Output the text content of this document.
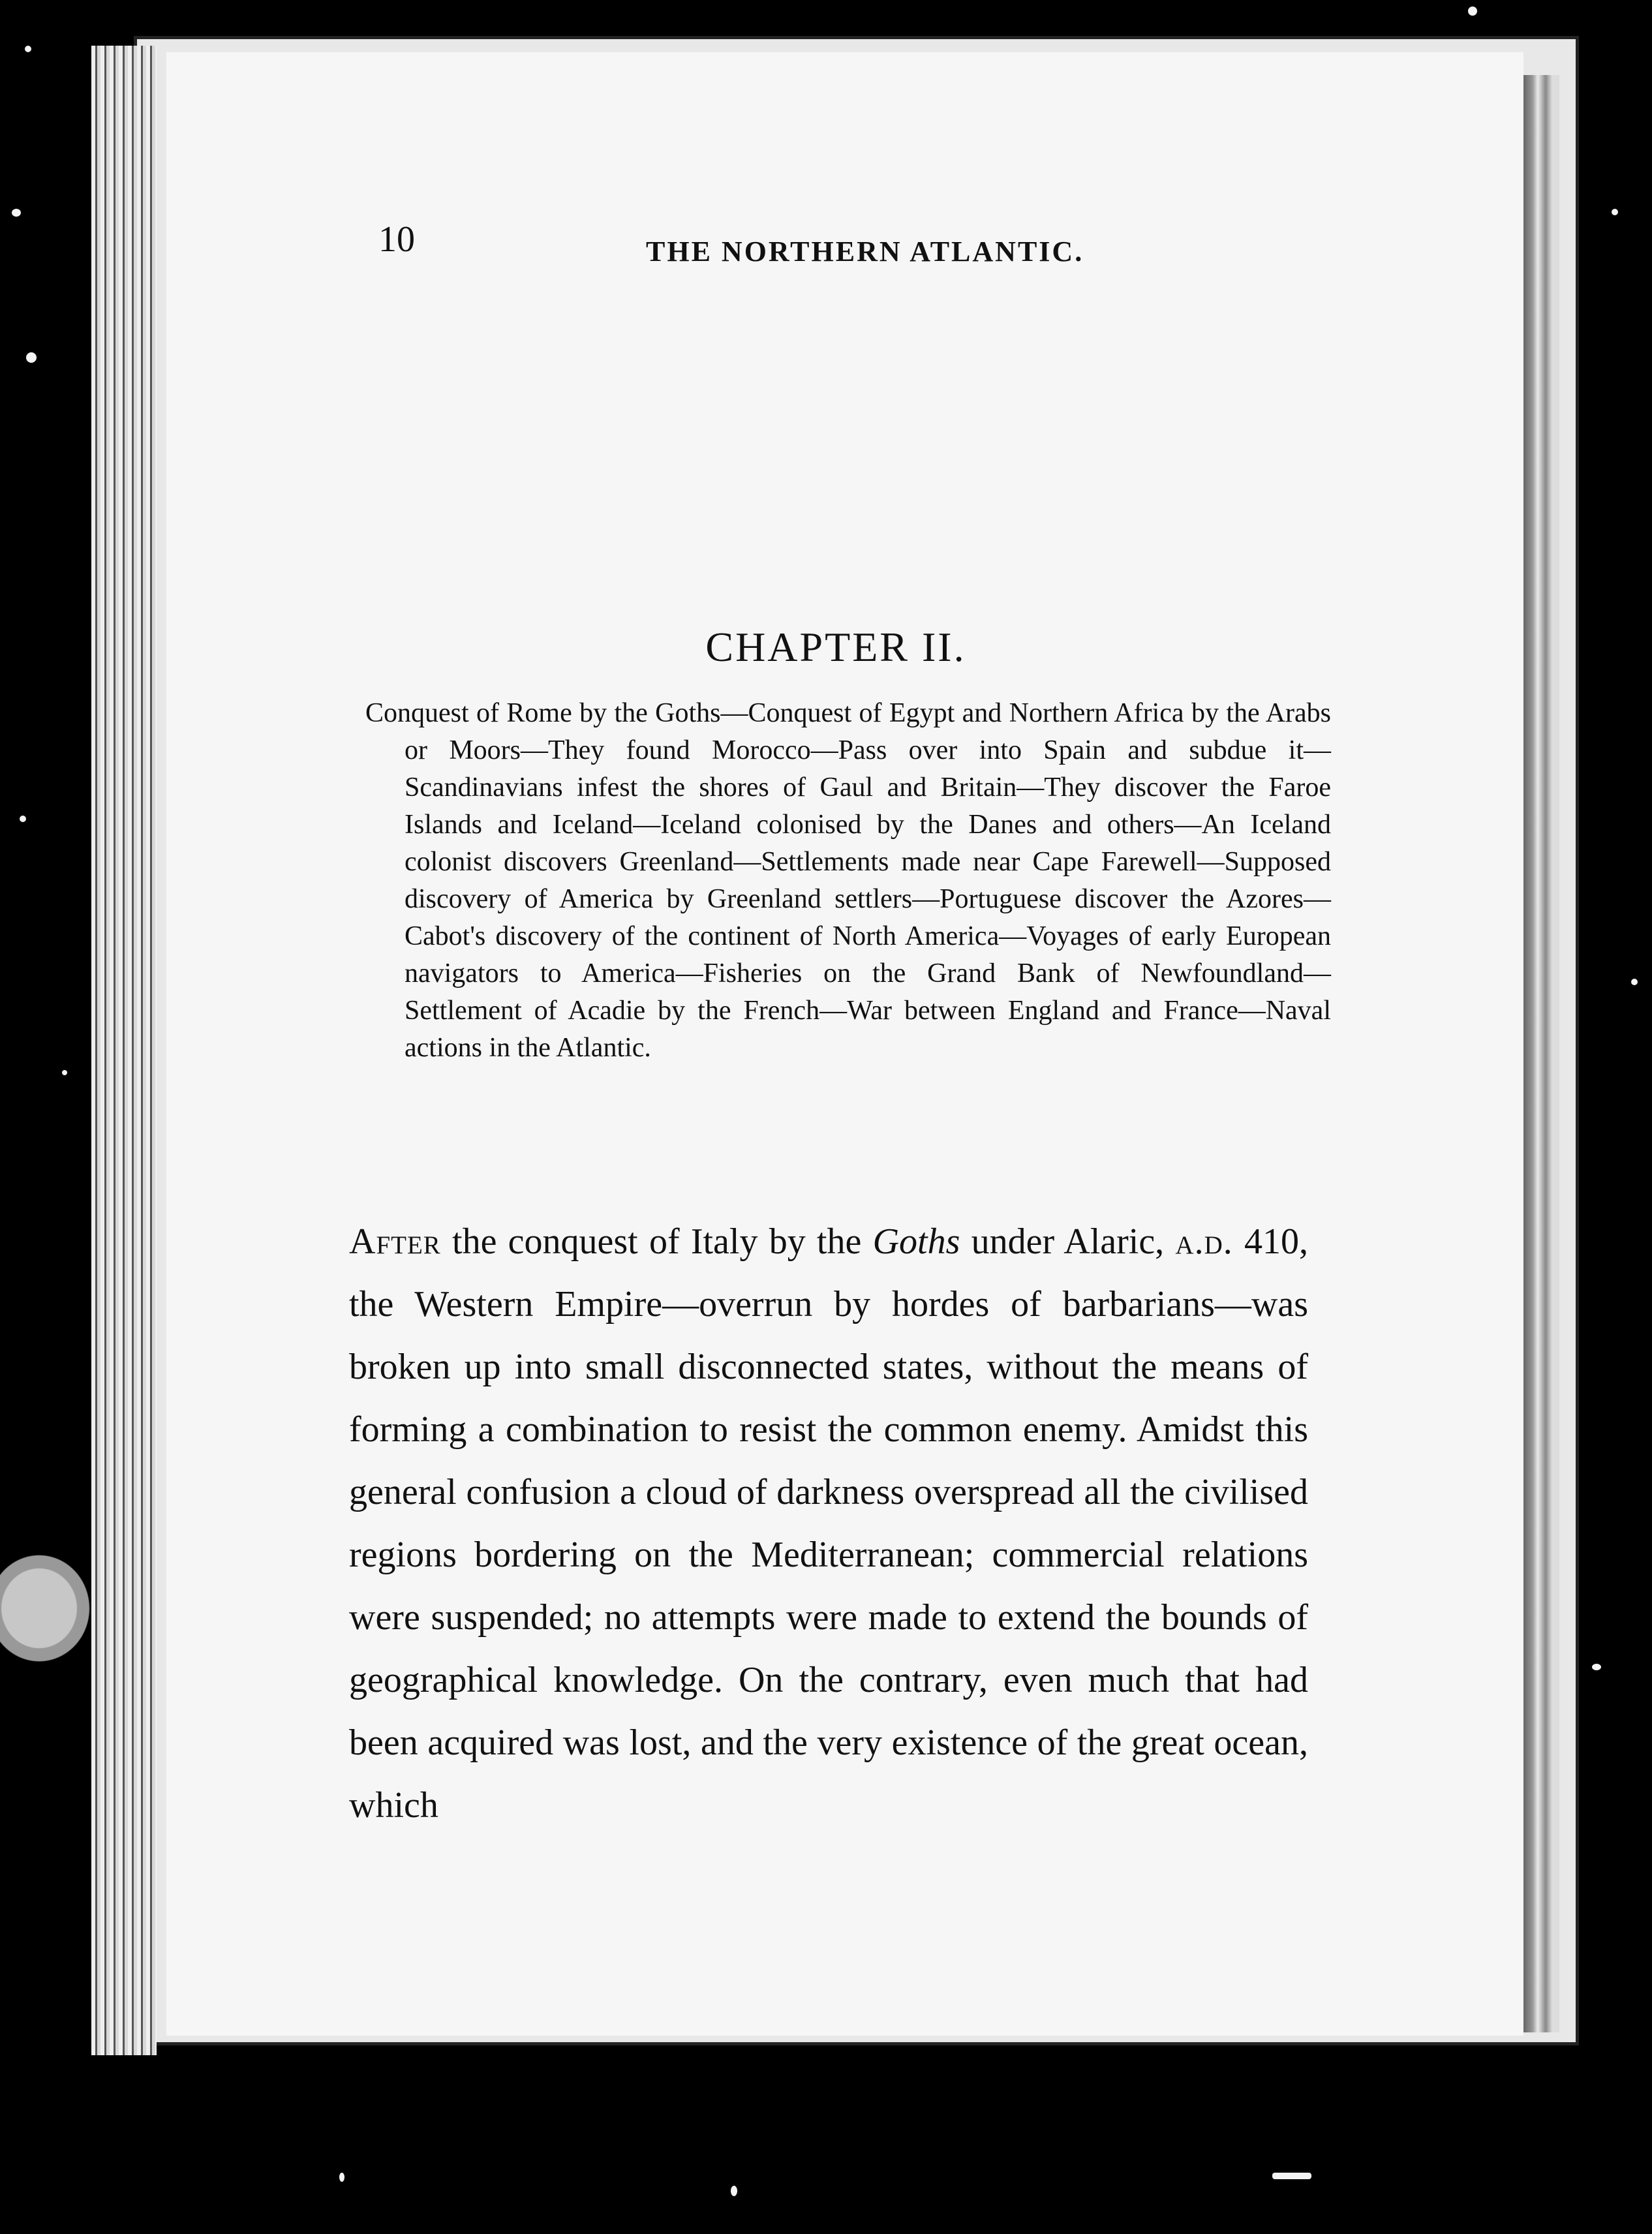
10	THE NORTHERN ATLANTIC.
CHAPTER II.
Conquest of Rome by the Goths—Conquest of Egypt and Northern Africa by the Arabs or Moors—They found Morocco—Pass over into Spain and subdue it—Scandinavians infest the shores of Gaul and Britain—They discover the Faroe Islands and Iceland—Iceland colonised by the Danes and others—An Iceland colonist discovers Greenland—Settlements made near Cape Farewell—Supposed discovery of America by Greenland settlers—Portuguese discover the Azores—Cabot's discovery of the continent of North America—Voyages of early European navigators to America—Fisheries on the Grand Bank of Newfoundland—Settlement of Acadie by the French—War between England and France—Naval actions in the Atlantic.
After the conquest of Italy by the Goths under Alaric, a.d. 410, the Western Empire—overrun by hordes of barbarians—was broken up into small disconnected states, without the means of forming a combination to resist the common enemy. Amidst this general confusion a cloud of darkness overspread all the civilised regions bordering on the Mediterranean; commercial relations were suspended; no attempts were made to extend the bounds of geographical knowledge. On the contrary, even much that had been acquired was lost, and the very existence of the great ocean, which
